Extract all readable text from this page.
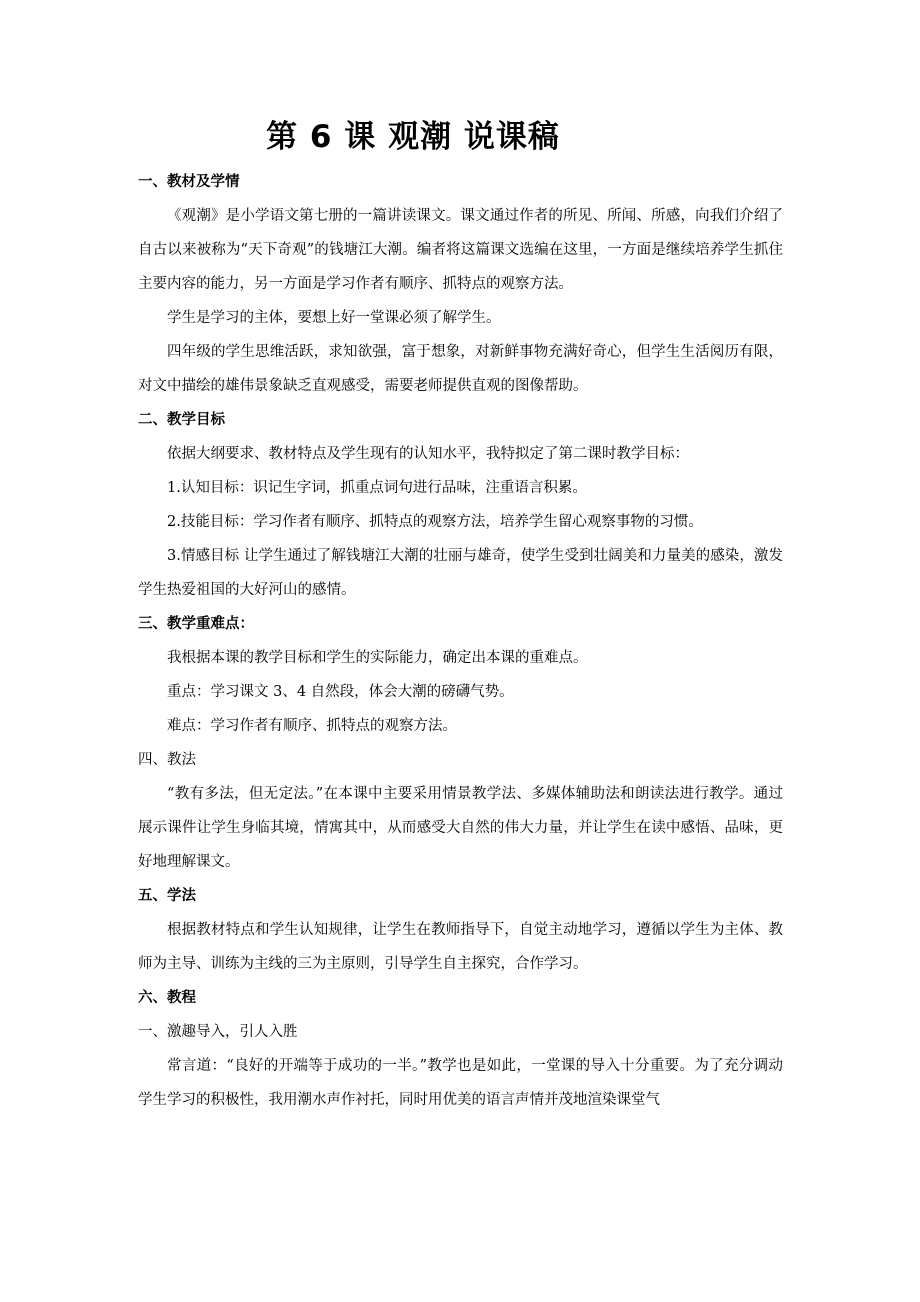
第 6 课 观潮 说课稿

一、教材及学情

《观潮》是小学语文第七册的一篇讲读课文。课文通过作者的所见、所闻、所感，向我们介绍了自古以来被称为“天下奇观”的钱塘江大潮。编者将这篇课文选编在这里，一方面是继续培养学生抓住主要内容的能力，另一方面是学习作者有顺序、抓特点的观察方法。

学生是学习的主体，要想上好一堂课必须了解学生。

四年级的学生思维活跃，求知欲强，富于想象，对新鲜事物充满好奇心，但学生生活阅历有限，对文中描绘的雄伟景象缺乏直观感受，需要老师提供直观的图像帮助。

二、教学目标

依据大纲要求、教材特点及学生现有的认知水平，我特拟定了第二课时教学目标：

1.认知目标：识记生字词，抓重点词句进行品味，注重语言积累。

2.技能目标：学习作者有顺序、抓特点的观察方法，培养学生留心观察事物的习惯。

3.情感目标 让学生通过了解钱塘江大潮的壮丽与雄奇，使学生受到壮阔美和力量美的感染，激发学生热爱祖国的大好河山的感情。

三、教学重难点：

我根据本课的教学目标和学生的实际能力，确定出本课的重难点。

重点：学习课文 3、4 自然段，体会大潮的磅礴气势。

难点：学习作者有顺序、抓特点的观察方法。

四、教法

“教有多法，但无定法。”在本课中主要采用情景教学法、多媒体辅助法和朗读法进行教学。通过展示课件让学生身临其境，情寓其中，从而感受大自然的伟大力量，并让学生在读中感悟、品味，更好地理解课文。

五、学法

根据教材特点和学生认知规律，让学生在教师指导下，自觉主动地学习，遵循以学生为主体、教师为主导、训练为主线的三为主原则，引导学生自主探究，合作学习。

六、教程

一、激趣导入，引人入胜

常言道：“良好的开端等于成功的一半。”教学也是如此，一堂课的导入十分重要。为了充分调动学生学习的积极性，我用潮水声作衬托，同时用优美的语言声情并茂地渲染课堂气
